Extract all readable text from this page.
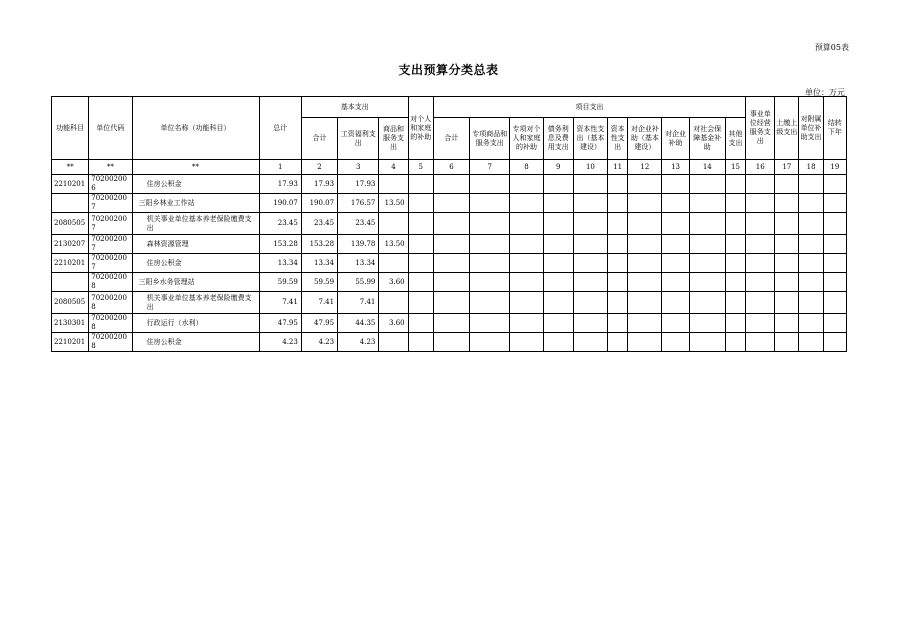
预算05表
支出预算分类总表
单位：万元
功能科目	单位代码	单位名称（功能科目）	总计	基本支出			对个人和家庭的补助	项目支出										事业单位经营服务支出	上缴上级支出	对附属单位补助支出	结转下年
				合计	工资福利支出	商品和服务支出		合计	专项商品和服务支出	专项对个人和家庭的补助	债务利息及费用支出	资本性支出（基本建设）	资本性支出	对企业补助（基本建设）	对企业补助	对社会保障基金补助	其他支出				
**	**	**	1	2	3	4	5	6	7	8	9	10	11	12	13	14	15	16	17	18	19
2210201	702002006	住房公积金	17.93	17.93	17.93																
	702002007	三阳乡林业工作站	190.07	190.07	176.57	13.50															
2080505	702002007	机关事业单位基本养老保险缴费支出	23.45	23.45	23.45																
2130207	702002007	森林资源管理	153.28	153.28	139.78	13.50															
2210201	702002007	住房公积金	13.34	13.34	13.34																
	702002008	三阳乡水务管理站	59.59	59.59	55.99	3.60															
2080505	702002008	机关事业单位基本养老保险缴费支出	7.41	7.41	7.41																
2130301	702002008	行政运行（水利）	47.95	47.95	44.35	3.60															
2210201	702002008	住房公积金	4.23	4.23	4.23																
